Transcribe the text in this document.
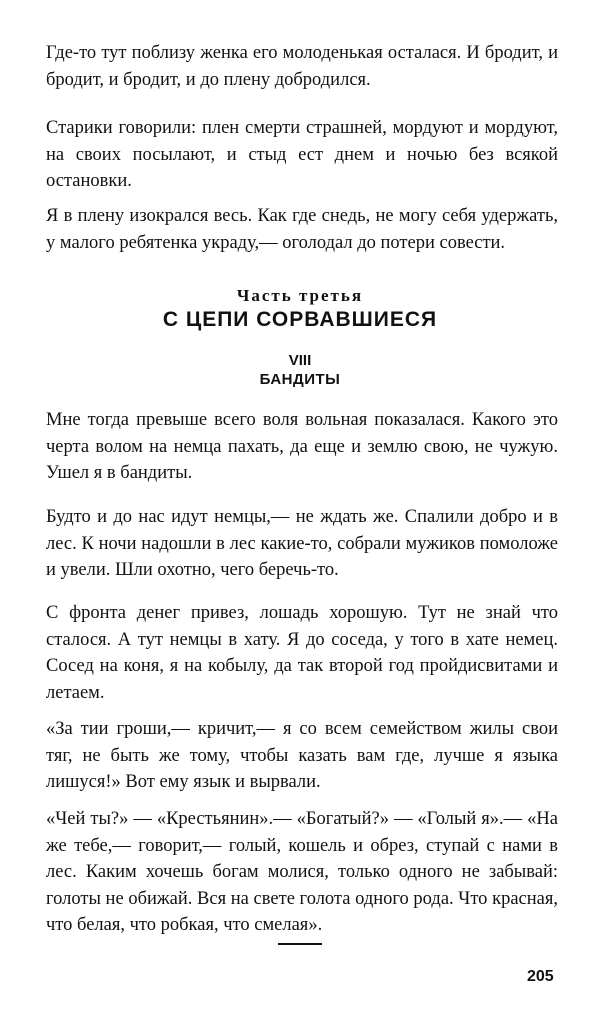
Где-то тут поблизу женка его молоденькая осталася. И бродит, и бродит, и бродит, и до плену добродился.

Старики говорили: плен смерти страшней, мордуют и мордуют, на своих посылают, и стыд ест днем и ночью без всякой остановки.

Я в плену изокрался весь. Как где снедь, не могу себя удержать, у малого ребятенка украду,— оголодал до потери совести.

Часть третья
С ЦЕПИ СОРВАВШИЕСЯ
VIII
БАНДИТЫ

Мне тогда превыше всего воля вольная показалася. Какого это черта волом на немца пахать, да еще и землю свою, не чужую. Ушел я в бандиты.

Будто и до нас идут немцы,— не ждать же. Спалили добро и в лес. К ночи надошли в лес какие-то, собрали мужиков помоложе и увели. Шли охотно, чего беречь-то.

С фронта денег привез, лошадь хорошую. Тут не знай что сталося. А тут немцы в хату. Я до соседа, у того в хате немец. Сосед на коня, я на кобылу, да так второй год пройдисвитами и летаем.

«За тии гроши,— кричит,— я со всем семейством жилы свои тяг, не быть же тому, чтобы казать вам где, лучше я языка лишуся!» Вот ему язык и вырвали.

«Чей ты?» — «Крестьянин».— «Богатый?» — «Голый я».— «На же тебе,— говорит,— голый, кошель и обрез, ступай с нами в лес. Каким хочешь богам молися, только одного не забывай: голоты не обижай. Вся на свете голота одного рода. Что красная, что белая, что робкая, что смелая».

205
